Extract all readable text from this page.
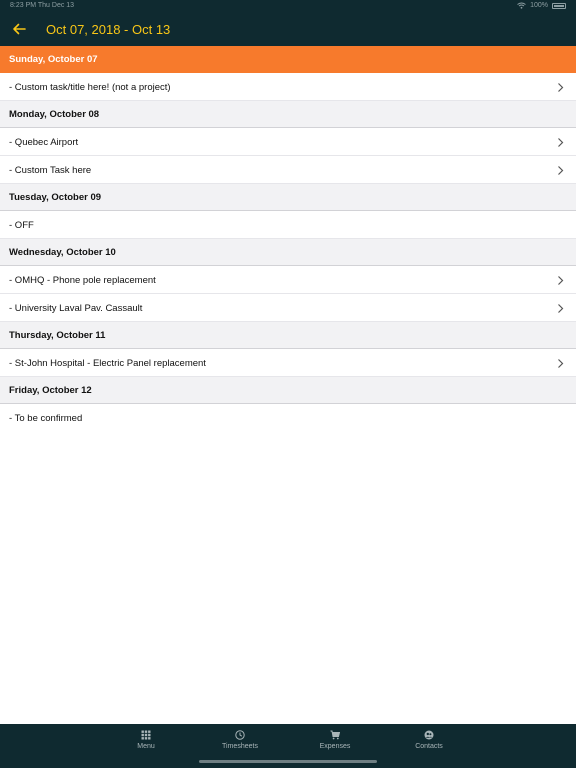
8:23 PM Thu Dec 13	100%
Oct 07, 2018 - Oct 13
Sunday, October 07
- Custom task/title here! (not a project)
Monday, October 08
- Quebec Airport
- Custom Task here
Tuesday, October 09
- OFF
Wednesday, October 10
- OMHQ - Phone pole replacement
- University Laval Pav. Cassault
Thursday, October 11
- St-John Hospital - Electric Panel replacement
Friday, October 12
- To be confirmed
Menu	Timesheets	Expenses	Contacts
